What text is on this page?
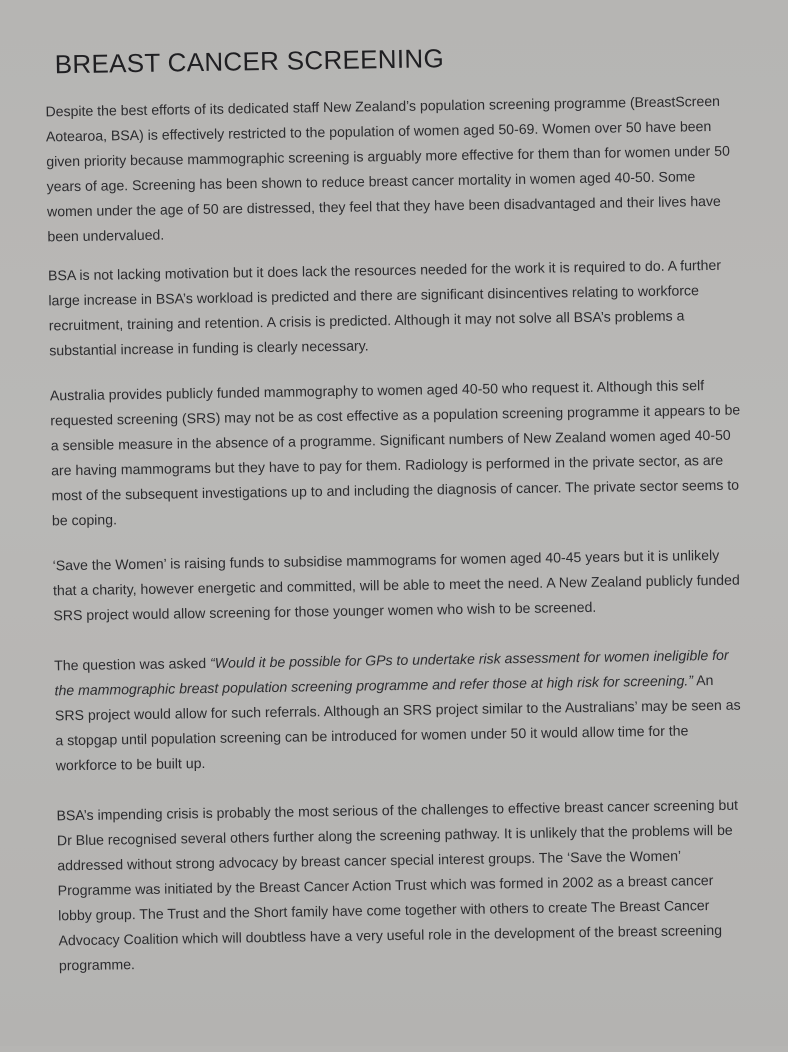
BREAST CANCER SCREENING

Despite the best efforts of its dedicated staff New Zealand’s population screening programme (BreastScreen Aotearoa, BSA) is effectively restricted to the population of women aged 50-69. Women over 50 have been given priority because mammographic screening is arguably more effective for them than for women under 50 years of age. Screening has been shown to reduce breast cancer mortality in women aged 40-50. Some women under the age of 50 are distressed, they feel that they have been disadvantaged and their lives have been undervalued.

BSA is not lacking motivation but it does lack the resources needed for the work it is required to do. A further large increase in BSA’s workload is predicted and there are significant disincentives relating to workforce recruitment, training and retention. A crisis is predicted. Although it may not solve all BSA’s problems a substantial increase in funding is clearly necessary.

Australia provides publicly funded mammography to women aged 40-50 who request it. Although this self requested screening (SRS) may not be as cost effective as a population screening programme it appears to be a sensible measure in the absence of a programme. Significant numbers of New Zealand women aged 40-50 are having mammograms but they have to pay for them. Radiology is performed in the private sector, as are most of the subsequent investigations up to and including the diagnosis of cancer. The private sector seems to be coping.

‘Save the Women’ is raising funds to subsidise mammograms for women aged 40-45 years but it is unlikely that a charity, however energetic and committed, will be able to meet the need. A New Zealand publicly funded SRS project would allow screening for those younger women who wish to be screened.

The question was asked “Would it be possible for GPs to undertake risk assessment for women ineligible for the mammographic breast population screening programme and refer those at high risk for screening.” An SRS project would allow for such referrals. Although an SRS project similar to the Australians’ may be seen as a stopgap until population screening can be introduced for women under 50 it would allow time for the workforce to be built up.

BSA’s impending crisis is probably the most serious of the challenges to effective breast cancer screening but Dr Blue recognised several others further along the screening pathway. It is unlikely that the problems will be addressed without strong advocacy by breast cancer special interest groups. The ‘Save the Women’ Programme was initiated by the Breast Cancer Action Trust which was formed in 2002 as a breast cancer lobby group. The Trust and the Short family have come together with others to create The Breast Cancer Advocacy Coalition which will doubtless have a very useful role in the development of the breast screening programme.
